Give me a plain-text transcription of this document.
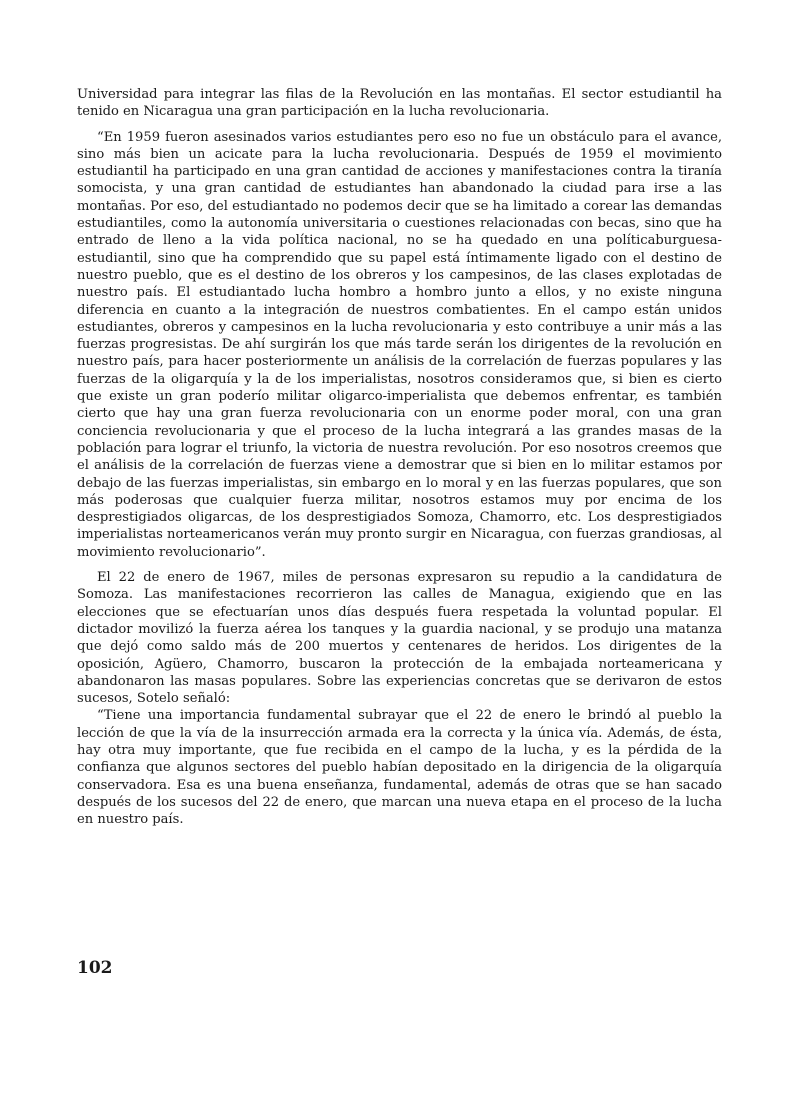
Universidad para integrar las filas de la Revolución en las montañas. El sector estudiantil ha tenido en Nicaragua una gran participación en la lucha revolucionaria.

“En 1959 fueron asesinados varios estudiantes pero eso no fue un obstáculo para el avance, sino más bien un acicate para la lucha revolucionaria. Después de 1959 el movimiento estudiantil ha participado en una gran cantidad de acciones y manifestaciones contra la tiranía somocista, y una gran cantidad de estudiantes han abandonado la ciudad para irse a las montañas. Por eso, del estudiantado no podemos decir que se ha limitado a corear las demandas estudiantiles, como la autonomía universitaria o cuestiones relacionadas con becas, sino que ha entrado de lleno a la vida política nacional, no se ha quedado en una políticaburguesa-estudiantil, sino que ha comprendido que su papel está íntimamente ligado con el destino de nuestro pueblo, que es el destino de los obreros y los campesinos, de las clases explotadas de nuestro país. El estudiantado lucha hombro a hombro junto a ellos, y no existe ninguna diferencia en cuanto a la integración de nuestros combatientes. En el campo están unidos estudiantes, obreros y campesinos en la lucha revolucionaria y esto contribuye a unir más a las fuerzas progresistas. De ahí surgirán los que más tarde serán los dirigentes de la revolución en nuestro país, para hacer posteriormente un análisis de la correlación de fuerzas populares y las fuerzas de la oligarquía y la de los imperialistas, nosotros consideramos que, si bien es cierto que existe un gran poderío militar oligarco-imperialista que debemos enfrentar, es también cierto que hay una gran fuerza revolucionaria con un enorme poder moral, con una gran conciencia revolucionaria y que el proceso de la lucha integrará a las grandes masas de la población para lograr el triunfo, la victoria de nuestra revolución. Por eso nosotros creemos que el análisis de la correlación de fuerzas viene a demostrar que si bien en lo militar estamos por debajo de las fuerzas imperialistas, sin embargo en lo moral y en las fuerzas populares, que son más poderosas que cualquier fuerza militar, nosotros estamos muy por encima de los desprestigiados oligarcas, de los desprestigiados Somoza, Chamorro, etc. Los desprestigiados imperialistas norteamericanos verán muy pronto surgir en Nicaragua, con fuerzas grandiosas, al movimiento revolucionario”.

El 22 de enero de 1967, miles de personas expresaron su repudio a la candidatura de Somoza. Las manifestaciones recorrieron las calles de Managua, exigiendo que en las elecciones que se efectuarían unos días después fuera respetada la voluntad popular. El dictador movilizó la fuerza aérea los tanques y la guardia nacional, y se produjo una matanza que dejó como saldo más de 200 muertos y centenares de heridos. Los dirigentes de la oposición, Agüero, Chamorro, buscaron la protección de la embajada norteamericana y abandonaron las masas populares. Sobre las experiencias concretas que se derivaron de estos sucesos, Sotelo señaló:

“Tiene una importancia fundamental subrayar que el 22 de enero le brindó al pueblo la lección de que la vía de la insurrección armada era la correcta y la única vía. Además, de ésta, hay otra muy importante, que fue recibida en el campo de la lucha, y es la pérdida de la confianza que algunos sectores del pueblo habían depositado en la dirigencia de la oligarquía conservadora. Esa es una buena enseñanza, fundamental, además de otras que se han sacado después de los sucesos del 22 de enero, que marcan una nueva etapa en el proceso de la lucha en nuestro país.

102
